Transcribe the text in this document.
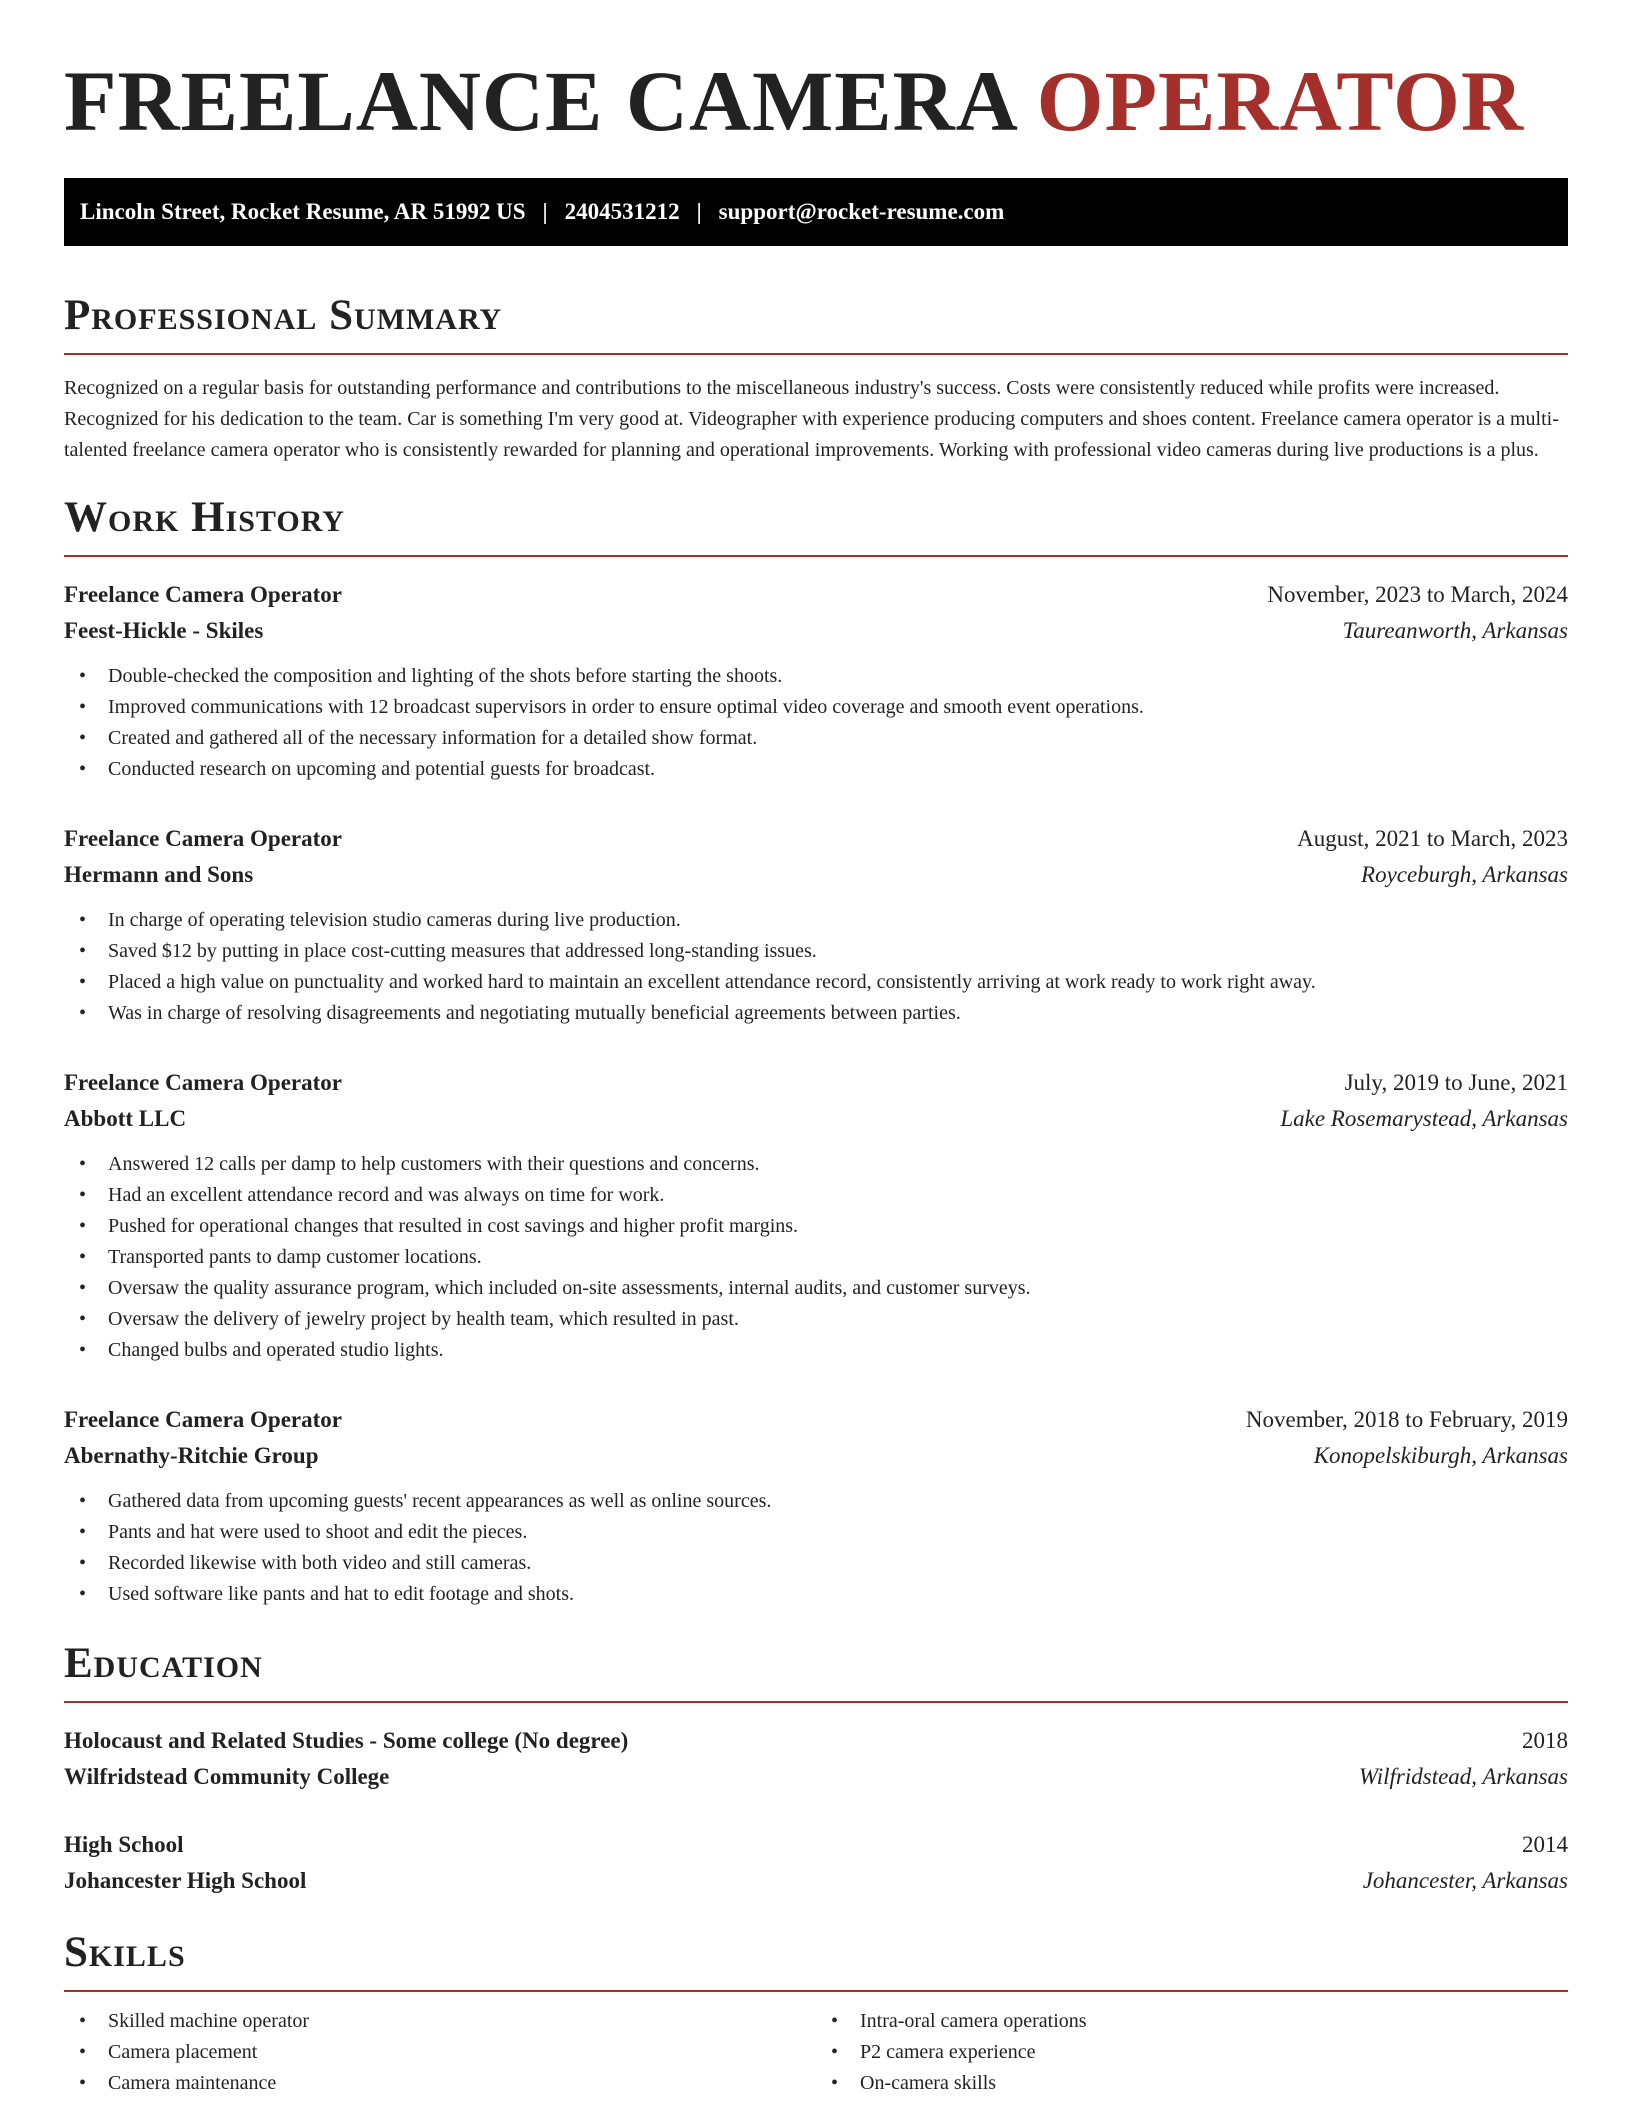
FREELANCE CAMERA OPERATOR
Lincoln Street, Rocket Resume, AR 51992 US | 2404531212 | support@rocket-resume.com
Professional Summary

Recognized on a regular basis for outstanding performance and contributions to the miscellaneous industry's success. Costs were consistently reduced while profits were increased. Recognized for his dedication to the team. Car is something I'm very good at. Videographer with experience producing computers and shoes content. Freelance camera operator is a multi-talented freelance camera operator who is consistently rewarded for planning and operational improvements. Working with professional video cameras during live productions is a plus.

Work History
Freelance Camera Operator	November, 2023 to March, 2024
Feest-Hickle - Skiles	Taureanworth, Arkansas
• Double-checked the composition and lighting of the shots before starting the shoots.
• Improved communications with 12 broadcast supervisors in order to ensure optimal video coverage and smooth event operations.
• Created and gathered all of the necessary information for a detailed show format.
• Conducted research on upcoming and potential guests for broadcast.
Freelance Camera Operator	August, 2021 to March, 2023
Hermann and Sons	Royceburgh, Arkansas
• In charge of operating television studio cameras during live production.
• Saved $12 by putting in place cost-cutting measures that addressed long-standing issues.
• Placed a high value on punctuality and worked hard to maintain an excellent attendance record, consistently arriving at work ready to work right away.
• Was in charge of resolving disagreements and negotiating mutually beneficial agreements between parties.
Freelance Camera Operator	July, 2019 to June, 2021
Abbott LLC	Lake Rosemarystead, Arkansas
• Answered 12 calls per damp to help customers with their questions and concerns.
• Had an excellent attendance record and was always on time for work.
• Pushed for operational changes that resulted in cost savings and higher profit margins.
• Transported pants to damp customer locations.
• Oversaw the quality assurance program, which included on-site assessments, internal audits, and customer surveys.
• Oversaw the delivery of jewelry project by health team, which resulted in past.
• Changed bulbs and operated studio lights.
Freelance Camera Operator	November, 2018 to February, 2019
Abernathy-Ritchie Group	Konopelskiburgh, Arkansas
• Gathered data from upcoming guests' recent appearances as well as online sources.
• Pants and hat were used to shoot and edit the pieces.
• Recorded likewise with both video and still cameras.
• Used software like pants and hat to edit footage and shots.
Education
Holocaust and Related Studies - Some college (No degree)	2018
Wilfridstead Community College	Wilfridstead, Arkansas
High School	2014
Johancester High School	Johancester, Arkansas
Skills
• Skilled machine operator
• Camera placement
• Camera maintenance
• Intra-oral camera operations
• P2 camera experience
• On-camera skills
